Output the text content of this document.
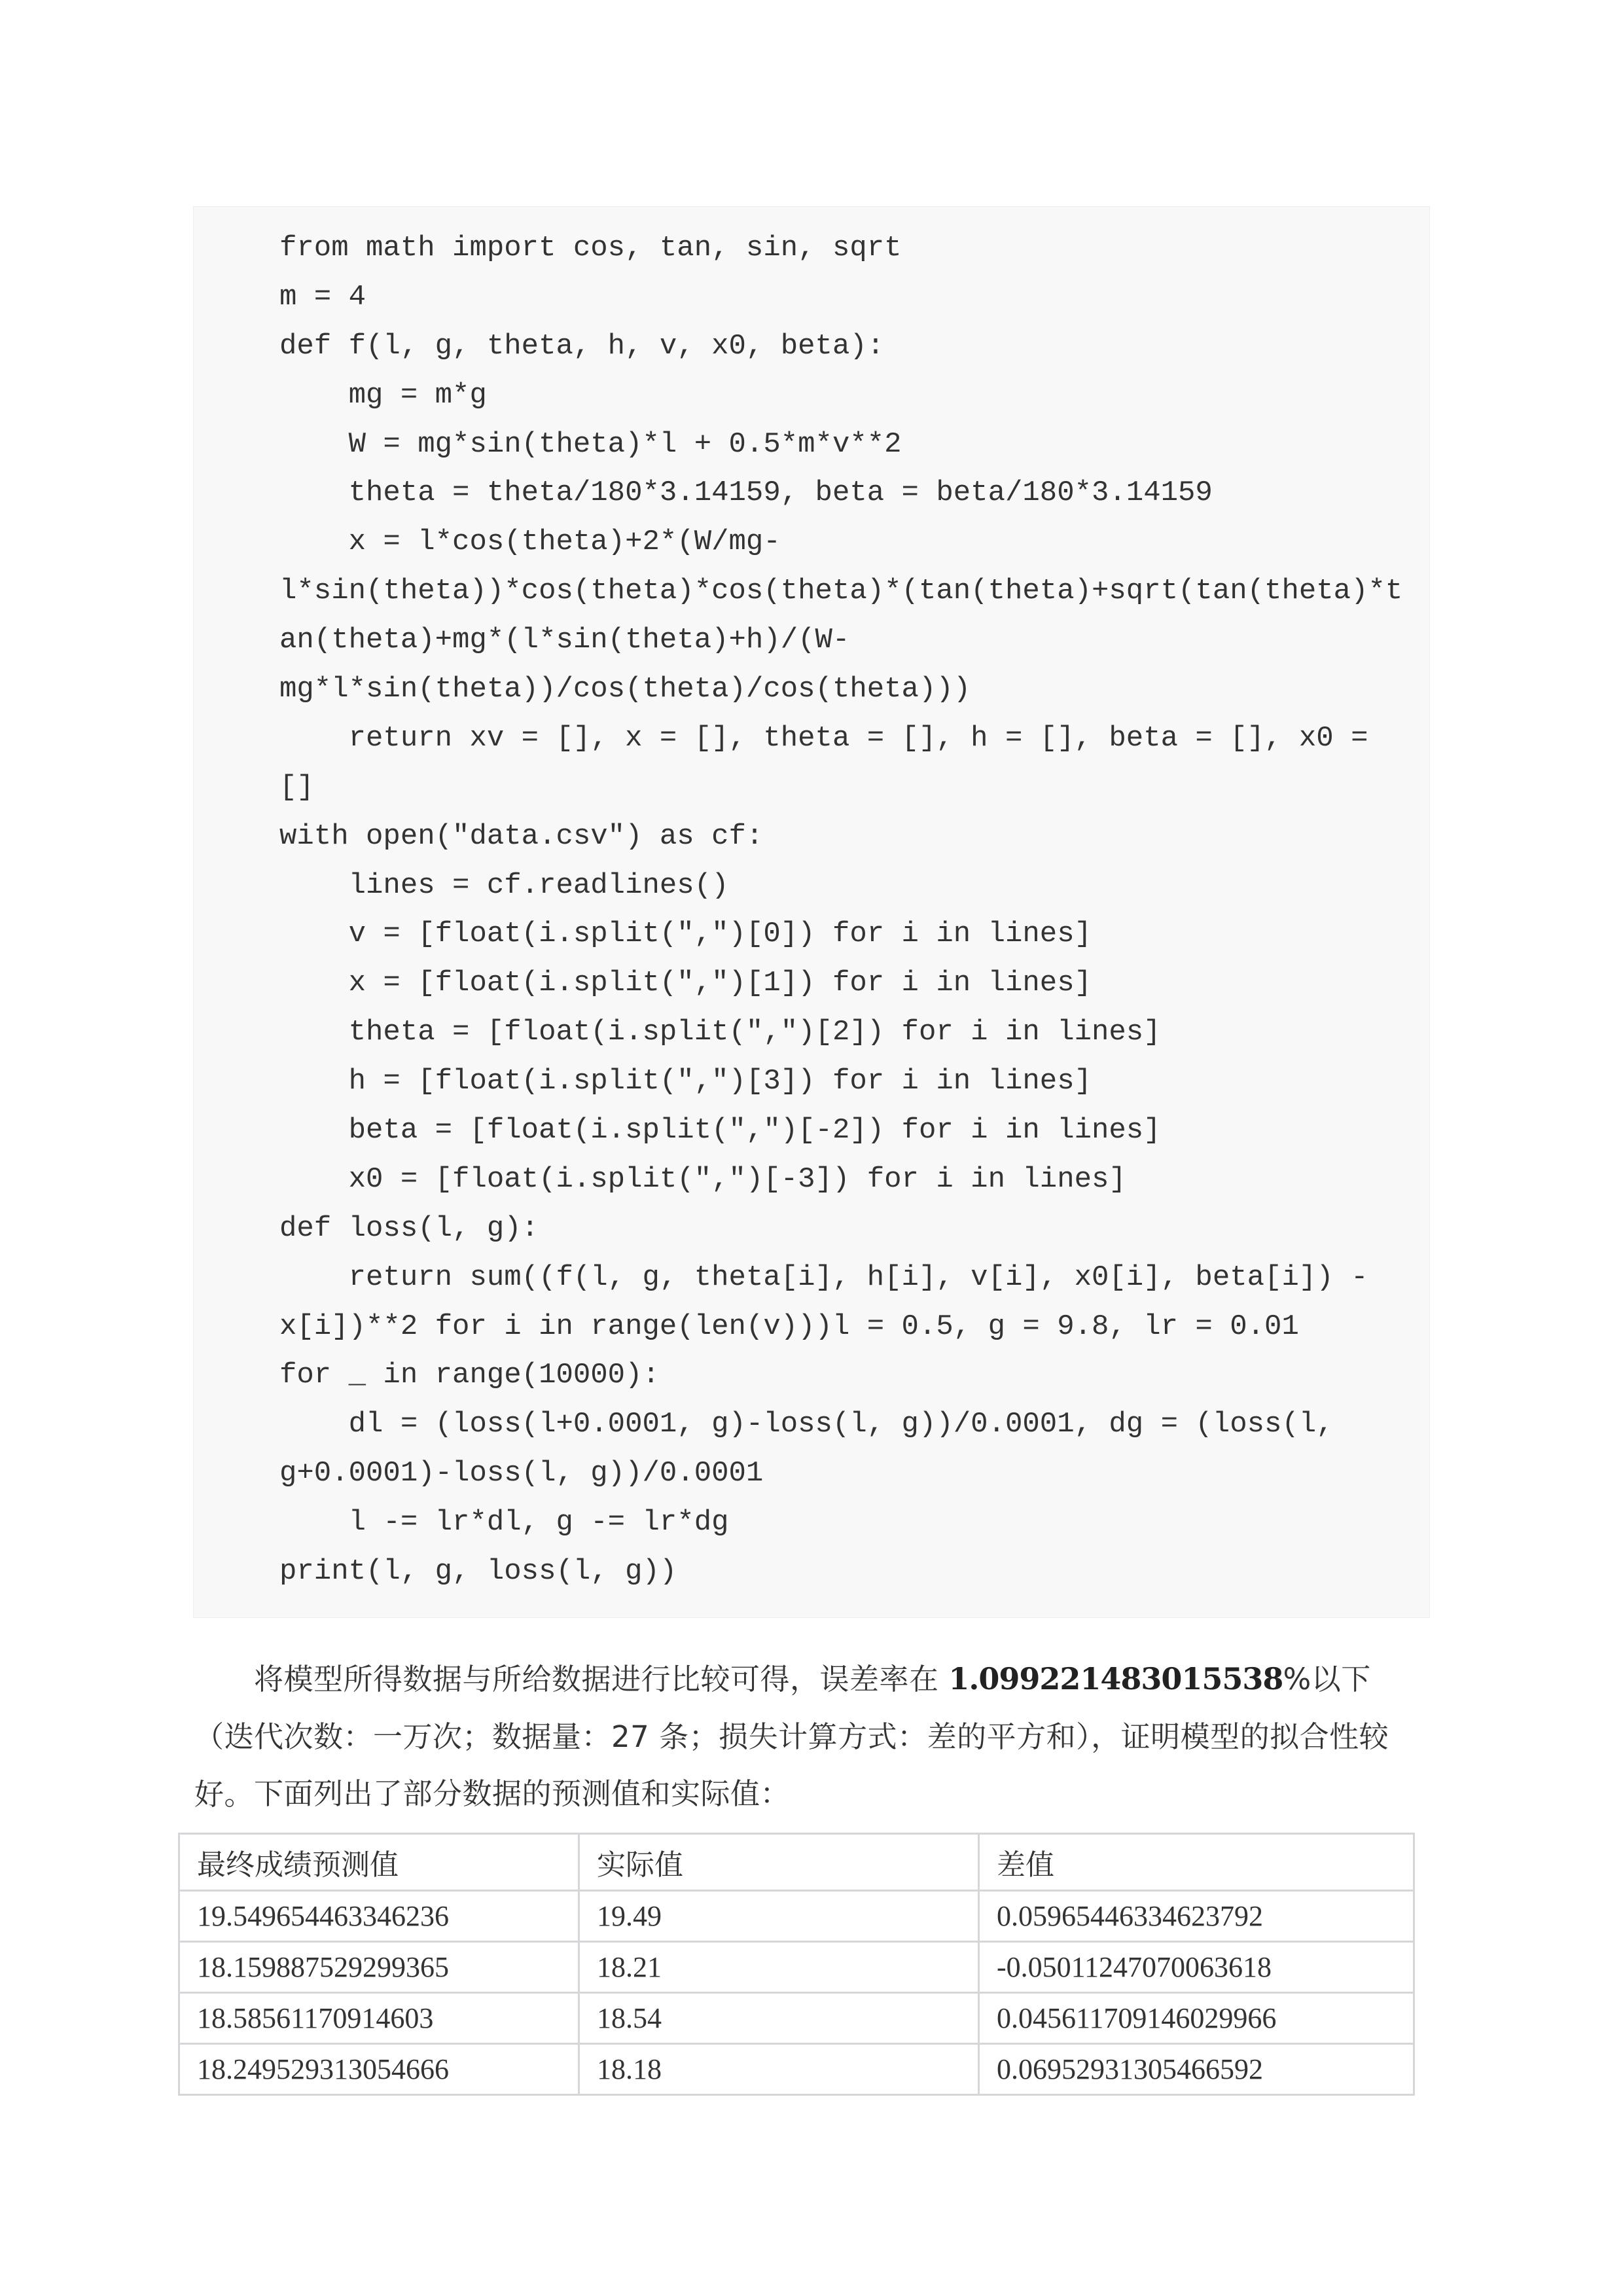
from math import cos, tan, sin, sqrt
m = 4
def f(l, g, theta, h, v, x0, beta):
mg = m*g
W = mg*sin(theta)*l + 0.5*m*v**2
theta = theta/180*3.14159, beta = beta/180*3.14159
x = l*cos(theta)+2*(W/mg-
l*sin(theta))*cos(theta)*cos(theta)*(tan(theta)+sqrt(tan(theta)*t
an(theta)+mg*(l*sin(theta)+h)/(W-
mg*l*sin(theta))/cos(theta)/cos(theta)))
return xv = [], x = [], theta = [], h = [], beta = [], x0 =
[]
with open("data.csv") as cf:
lines = cf.readlines()
v = [float(i.split(",")[0]) for i in lines]
x = [float(i.split(",")[1]) for i in lines]
theta = [float(i.split(",")[2]) for i in lines]
h = [float(i.split(",")[3]) for i in lines]
beta = [float(i.split(",")[-2]) for i in lines]
x0 = [float(i.split(",")[-3]) for i in lines]
def loss(l, g):
return sum((f(l, g, theta[i], h[i], v[i], x0[i], beta[i]) -
x[i])**2 for i in range(len(v)))l = 0.5, g = 9.8, lr = 0.01
for _ in range(10000):
dl = (loss(l+0.0001, g)-loss(l, g))/0.0001, dg = (loss(l,
g+0.0001)-loss(l, g))/0.0001
l -= lr*dl, g -= lr*dg
print(l, g, loss(l, g))

将模型所得数据与所给数据进行比较可得，误差率在 1.099221483015538%以下（迭代次数：一万次；数据量：27 条；损失计算方式：差的平方和），证明模型的拟合性较好。 下面列出了部分数据的预测值和实际值：

最终成绩预测值	实际值	差值
19.549654463346236	19.49	0.05965446334623792
18.159887529299365	18.21	-0.05011247070063618
18.58561170914603	18.54	0.045611709146029966
18.249529313054666	18.18	0.06952931305466592
